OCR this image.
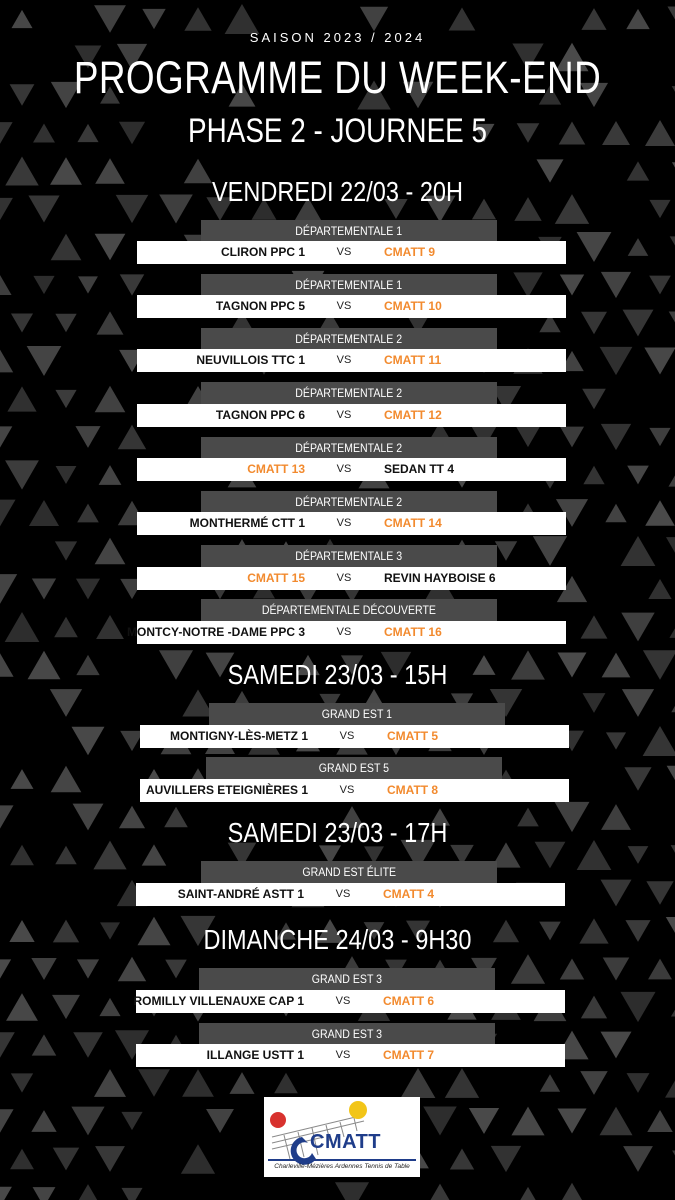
SAISON 2023 / 2024
PROGRAMME DU WEEK-END
PHASE 2 - JOURNEE 5
VENDREDI 22/03 - 20H
SAMEDI 23/03 - 15H
SAMEDI 23/03 - 17H
DIMANCHE 24/03 - 9H30
DÉPARTEMENTALE 1
CLIRON PPC 1	VS	CMATT 9
DÉPARTEMENTALE 1
TAGNON PPC 5	VS	CMATT 10
DÉPARTEMENTALE 2
NEUVILLOIS TTC 1	VS	CMATT 11
DÉPARTEMENTALE 2
TAGNON PPC 6	VS	CMATT 12
DÉPARTEMENTALE 2
CMATT 13	VS	SEDAN TT 4
DÉPARTEMENTALE 2
MONTHERMÉ CTT 1	VS	CMATT 14
DÉPARTEMENTALE 3
CMATT 15	VS	REVIN HAYBOISE 6
DÉPARTEMENTALE DÉCOUVERTE
MONTCY-NOTRE -DAME PPC 3	VS	CMATT 16
GRAND EST 1
MONTIGNY-LÈS-METZ 1	VS	CMATT 5
GRAND EST 5
AUVILLERS ETEIGNIÈRES 1	VS	CMATT 8
GRAND EST ÉLITE
SAINT-ANDRÉ ASTT 1	VS	CMATT 4
GRAND EST 3
ROMILLY VILLENAUXE CAP 1	VS	CMATT 6
GRAND EST 3
ILLANGE USTT 1	VS	CMATT 7
CMATT
Charleville-Mézières Ardennes Tennis de Table
